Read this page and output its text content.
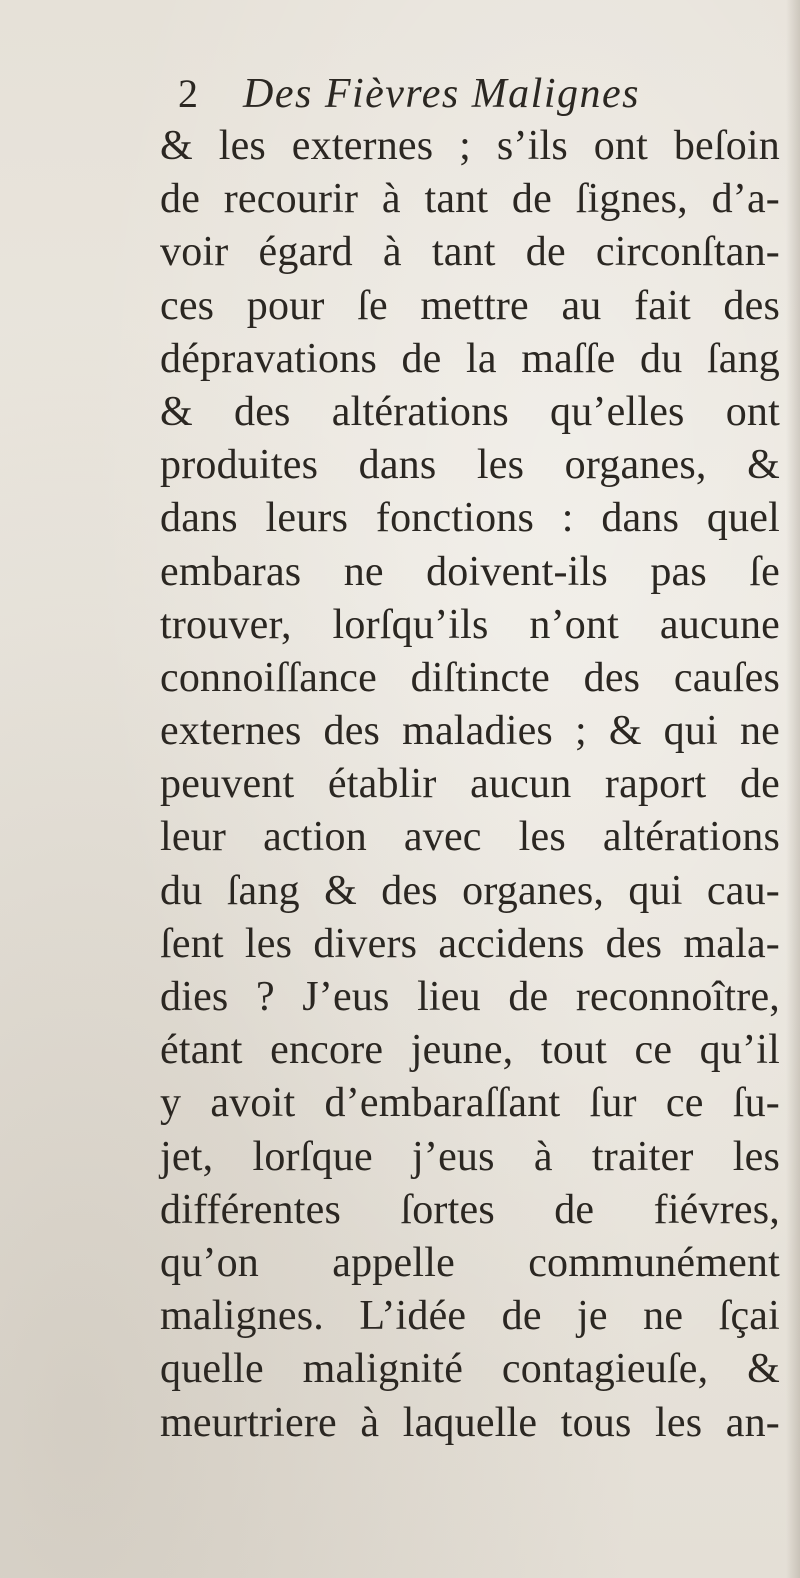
2 Des Fièvres Malignes
& les externes ; s’ils ont beſoin
de recourir à tant de ſignes, d’a-
voir égard à tant de circonſtan-
ces pour ſe mettre au fait des
dépravations de la maſſe du ſang
& des altérations qu’elles ont
produites dans les organes, &
dans leurs fonctions : dans quel
embaras ne doivent-ils pas ſe
trouver, lorſqu’ils n’ont aucune
connoiſſance diſtincte des cauſes
externes des maladies ; & qui ne
peuvent établir aucun raport de
leur action avec les altérations
du ſang & des organes, qui cau-
ſent les divers accidens des mala-
dies ? J’eus lieu de reconnoître,
étant encore jeune, tout ce qu’il
y avoit d’embaraſſant ſur ce ſu-
jet, lorſque j’eus à traiter les
différentes ſortes de fiévres,
qu’on appelle communément
malignes. L’idée de je ne ſçai
quelle malignité contagieuſe, &
meurtriere à laquelle tous les an-
